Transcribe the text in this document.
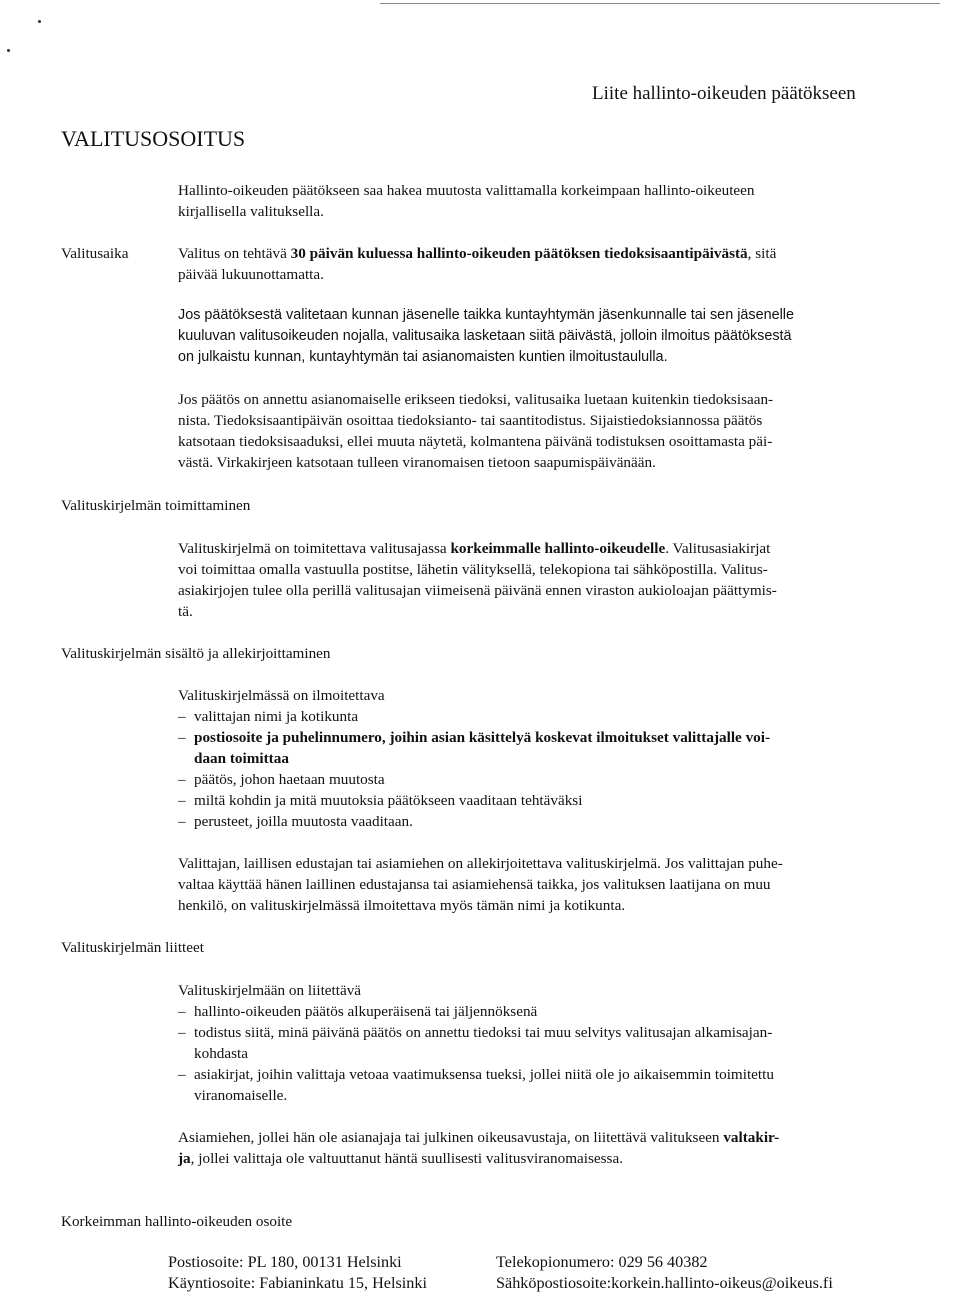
Liite hallinto-oikeuden päätökseen
VALITUSOSOITUS
Hallinto-oikeuden päätökseen saa hakea muutosta valittamalla korkeimpaan hallinto-oikeuteen
kirjallisella valituksella.
Valitusaika	Valitus on tehtävä 30 päivän kuluessa hallinto-oikeuden päätöksen tiedoksisaantipäivästä, sitä
päivää lukuunottamatta.
Jos päätöksestä valitetaan kunnan jäsenelle taikka kuntayhtymän jäsenkunnalle tai sen jäsenelle
kuuluvan valitusoikeuden nojalla, valitusaika lasketaan siitä päivästä, jolloin ilmoitus päätöksestä
on julkaistu kunnan, kuntayhtymän tai asianomaisten kuntien ilmoitustaululla.
Jos päätös on annettu asianomaiselle erikseen tiedoksi, valitusaika luetaan kuitenkin tiedoksisaan-
nista. Tiedoksisaantipäivän osoittaa tiedoksianto- tai saantitodistus. Sijaistiedoksiannossa päätös
katsotaan tiedoksisaaduksi, ellei muuta näytetä, kolmantena päivänä todistuksen osoittamasta päi-
västä. Virkakirjeen katsotaan tulleen viranomaisen tietoon saapumispäivänään.
Valituskirjelmän toimittaminen
Valituskirjelmä on toimitettava valitusajassa korkeimmalle hallinto-oikeudelle. Valitusasiakirjat
voi toimittaa omalla vastuulla postitse, lähetin välityksellä, telekopiona tai sähköpostilla. Valitus-
asiakirjojen tulee olla perillä valitusajan viimeisenä päivänä ennen viraston aukioloajan päättymis-
tä.
Valituskirjelmän sisältö ja allekirjoittaminen
Valituskirjelmässä on ilmoitettava
– valittajan nimi ja kotikunta
– postiosoite ja puhelinnumero, joihin asian käsittelyä koskevat ilmoitukset valittajalle voi-
daan toimittaa
– päätös, johon haetaan muutosta
– miltä kohdin ja mitä muutoksia päätökseen vaaditaan tehtäväksi
– perusteet, joilla muutosta vaaditaan.
Valittajan, laillisen edustajan tai asiamiehen on allekirjoitettava valituskirjelmä. Jos valittajan puhe-
valtaa käyttää hänen laillinen edustajansa tai asiamiehensä taikka, jos valituksen laatijana on muu
henkilö, on valituskirjelmässä ilmoitettava myös tämän nimi ja kotikunta.
Valituskirjelmän liitteet
Valituskirjelmään on liitettävä
– hallinto-oikeuden päätös alkuperäisenä tai jäljennöksenä
– todistus siitä, minä päivänä päätös on annettu tiedoksi tai muu selvitys valitusajan alkamisajan-
kohdasta
– asiakirjat, joihin valittaja vetoaa vaatimuksensa tueksi, jollei niitä ole jo aikaisemmin toimitettu
viranomaiselle.
Asiamiehen, jollei hän ole asianajaja tai julkinen oikeusavustaja, on liitettävä valitukseen valtakir-
ja, jollei valittaja ole valtuuttanut häntä suullisesti valitusviranomaisessa.
Korkeimman hallinto-oikeuden osoite
Postiosoite: PL 180, 00131 Helsinki
Käyntiosoite: Fabianinkatu 15, Helsinki
Telekopionumero: 029 56 40382
Sähköpostiosoite:korkein.hallinto-oikeus@oikeus.fi
